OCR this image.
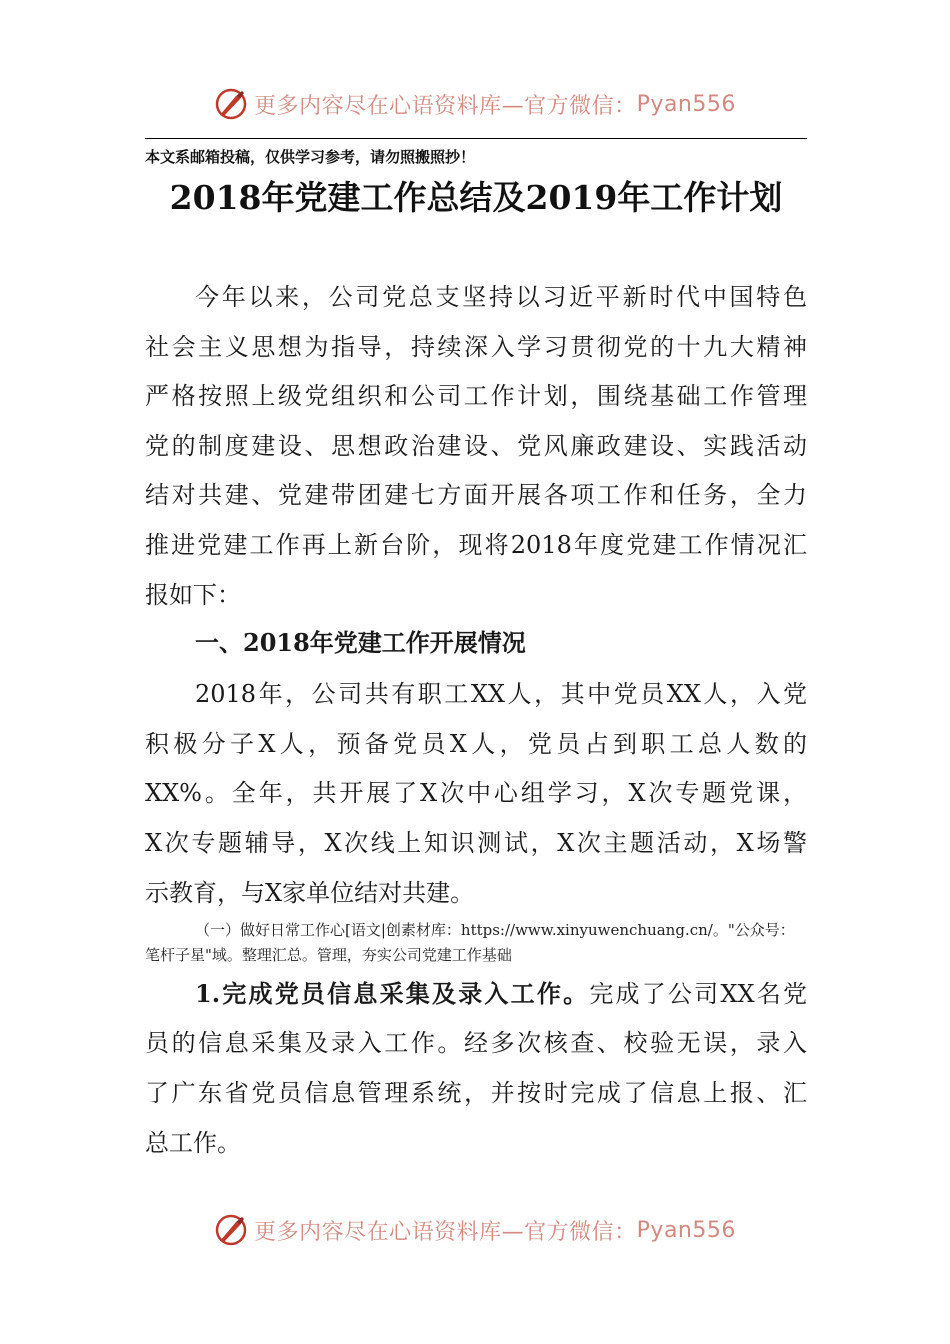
更多内容尽在心语资料库—官方微信： Pyan556
本文系邮箱投稿，仅供学习参考，请勿照搬照抄！
2018年党建工作总结及2019年工作计划
今年以来，公司党总支坚持以习近平新时代中国特色
社会主义思想为指导，持续深入学习贯彻党的十九大精神
严格按照上级党组织和公司工作计划，围绕基础工作管理
党的制度建设、思想政治建设、党风廉政建设、实践活动
结对共建、党建带团建七方面开展各项工作和任务，全力
推进党建工作再上新台阶，现将2018年度党建工作情况汇
报如下：
一、2018年党建工作开展情况
2018年，公司共有职工XX人，其中党员XX人，入党
积极分子X人，预备党员X人，党员占到职工总人数的
XX%。全年，共开展了X次中心组学习，X次专题党课，
X次专题辅导，X次线上知识测试，X次主题活动，X场警
示教育，与X家单位结对共建。
（一）做好日常工作心[语文|创素材库：https://www.xinyuwenchuang.cn/。"公众号：
笔杆子星"域。整理汇总。管理，夯实公司党建工作基础
1.完成党员信息采集及录入工作。完成了公司XX名党
员的信息采集及录入工作。经多次核查、校验无误，录入
了广东省党员信息管理系统，并按时完成了信息上报、汇
总工作。
更多内容尽在心语资料库—官方微信： Pyan556
